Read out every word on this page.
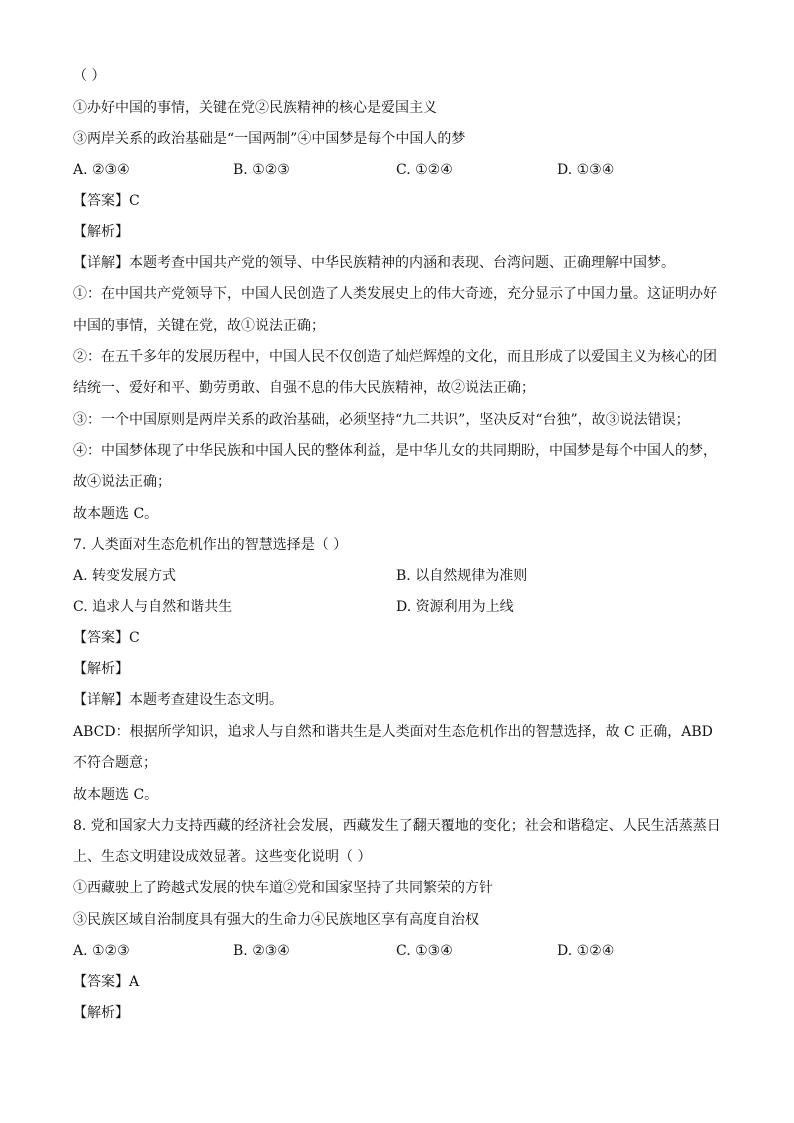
（ ）
①办好中国的事情，关键在党②民族精神的核心是爱国主义
③两岸关系的政治基础是“一国两制”④中国梦是每个中国人的梦
A. ②③④	B. ①②③	C. ①②④	D. ①③④
【答案】C
【解析】
【详解】本题考查中国共产党的领导、中华民族精神的内涵和表现、台湾问题、正确理解中国梦。
①：在中国共产党领导下，中国人民创造了人类发展史上的伟大奇迹，充分显示了中国力量。这证明办好
中国的事情，关键在党，故①说法正确；
②：在五千多年的发展历程中，中国人民不仅创造了灿烂辉煌的文化，而且形成了以爱国主义为核心的团
结统一、爱好和平、勤劳勇敢、自强不息的伟大民族精神，故②说法正确；
③：一个中国原则是两岸关系的政治基础，必须坚持“九二共识”，坚决反对“台独”，故③说法错误；
④：中国梦体现了中华民族和中国人民的整体利益，是中华儿女的共同期盼，中国梦是每个中国人的梦，
故④说法正确；
故本题选 C。
7. 人类面对生态危机作出的智慧选择是（ ）
A. 转变发展方式	B. 以自然规律为准则
C. 追求人与自然和谐共生	D. 资源利用为上线
【答案】C
【解析】
【详解】本题考查建设生态文明。
ABCD：根据所学知识，追求人与自然和谐共生是人类面对生态危机作出的智慧选择，故 C 正确，ABD
不符合题意；
故本题选 C。
8. 党和国家大力支持西藏的经济社会发展，西藏发生了翻天覆地的变化；社会和谐稳定、人民生活蒸蒸日
上、生态文明建设成效显著。这些变化说明（ ）
①西藏驶上了跨越式发展的快车道②党和国家坚持了共同繁荣的方针
③民族区域自治制度具有强大的生命力④民族地区享有高度自治权
A. ①②③	B. ②③④	C. ①③④	D. ①②④
【答案】A
【解析】
